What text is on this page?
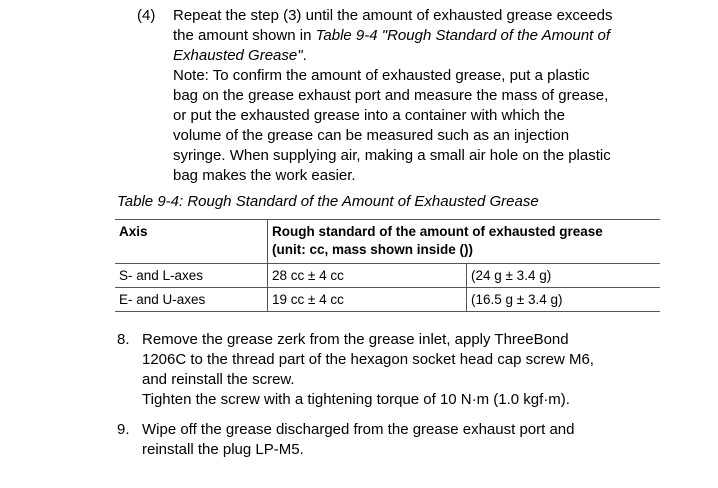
(4) Repeat the step (3) until the amount of exhausted grease exceeds
the amount shown in Table 9-4 "Rough Standard of the Amount of
Exhausted Grease".
Note: To confirm the amount of exhausted grease, put a plastic
bag on the grease exhaust port and measure the mass of grease,
or put the exhausted grease into a container with which the
volume of the grease can be measured such as an injection
syringe. When supplying air, making a small air hole on the plastic
bag makes the work easier.
Table 9-4: Rough Standard of the Amount of Exhausted Grease
Axis	Rough standard of the amount of exhausted grease
(unit: cc, mass shown inside ())	

S- and L-axes	28 cc ± 4 cc	(24 g ± 3.4 g)
E- and U-axes	19 cc ± 4 cc	(16.5 g ± 3.4 g)
8. Remove the grease zerk from the grease inlet, apply ThreeBond
1206C to the thread part of the hexagon socket head cap screw M6,
and reinstall the screw.
Tighten the screw with a tightening torque of 10 N·m (1.0 kgf·m).
9. Wipe off the grease discharged from the grease exhaust port and
reinstall the plug LP-M5.
